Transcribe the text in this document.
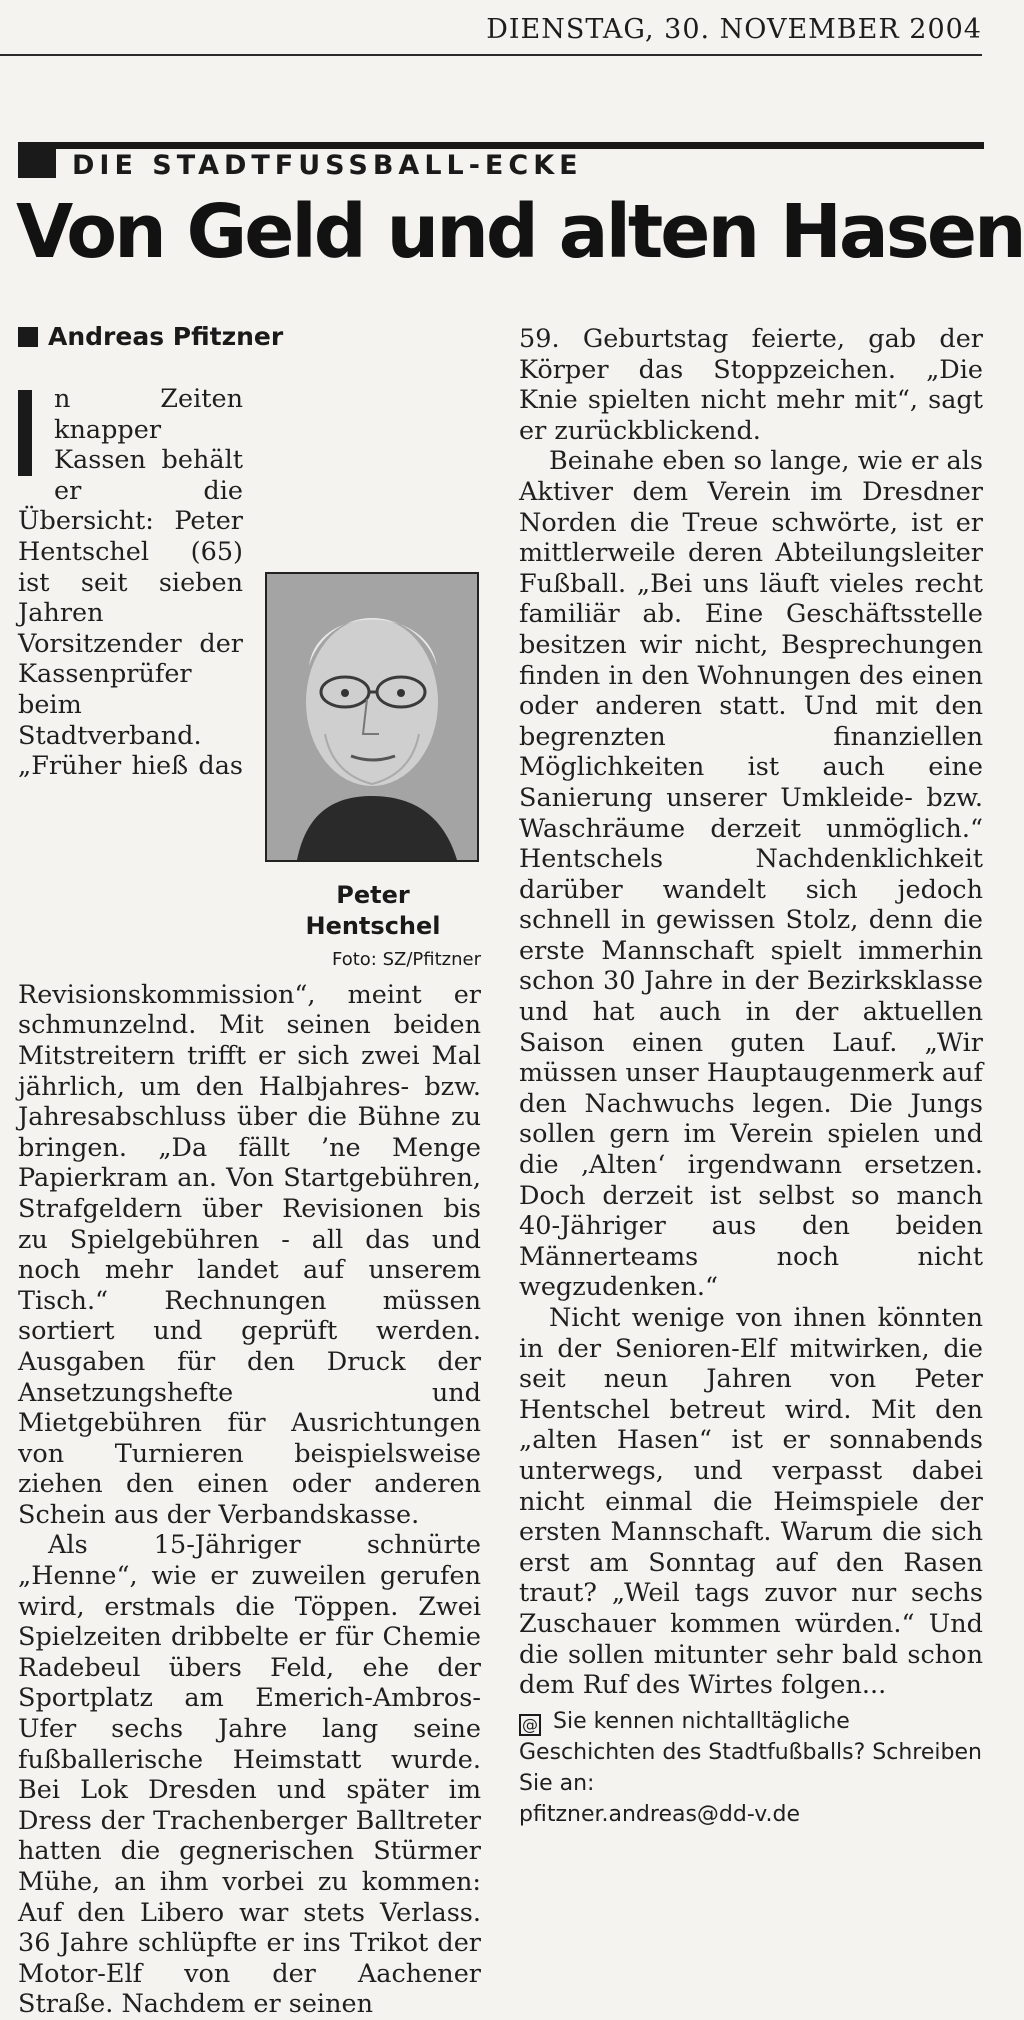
DIENSTAG, 30. NOVEMBER 2004
DIE STADTFUSSBALL-ECKE
Von Geld und alten Hasen
Andreas Pfitzner
Peter Hentschel
Foto: SZ/Pfitzner

n Zeiten knapper Kassen behält er die Übersicht: Peter Hentschel (65) ist seit sieben Jahren Vorsitzender der Kassenprüfer beim Stadtverband. „Früher hieß das Revisionskommission“, meint er schmunzelnd. Mit seinen beiden Mitstreitern trifft er sich zwei Mal jährlich, um den Halbjahres- bzw. Jahresabschluss über die Bühne zu bringen. „Da fällt ’ne Menge Papierkram an. Von Startgebühren, Strafgeldern über Revisionen bis zu Spielgebühren - all das und noch mehr landet auf unserem Tisch.“ Rechnungen müssen sortiert und geprüft werden. Ausgaben für den Druck der Ansetzungshefte und Mietgebühren für Ausrichtungen von Turnieren beispielsweise ziehen den einen oder anderen Schein aus der Verbandskasse.

Als 15-Jähriger schnürte „Henne“, wie er zuweilen gerufen wird, erstmals die Töppen. Zwei Spielzeiten dribbelte er für Chemie Radebeul übers Feld, ehe der Sportplatz am Emerich-Ambros-Ufer sechs Jahre lang seine fußballerische Heimstatt wurde. Bei Lok Dresden und später im Dress der Trachenberger Balltreter hatten die gegnerischen Stürmer Mühe, an ihm vorbei zu kommen: Auf den Libero war stets Verlass. 36 Jahre schlüpfte er ins Trikot der Motor-Elf von der Aachener Straße. Nachdem er seinen

59. Geburtstag feierte, gab der Körper das Stoppzeichen. „Die Knie spielten nicht mehr mit“, sagt er zurückblickend.

Beinahe eben so lange, wie er als Aktiver dem Verein im Dresdner Norden die Treue schwörte, ist er mittlerweile deren Abteilungsleiter Fußball. „Bei uns läuft vieles recht familiär ab. Eine Geschäftsstelle besitzen wir nicht, Besprechungen finden in den Wohnungen des einen oder anderen statt. Und mit den begrenzten finanziellen Möglichkeiten ist auch eine Sanierung unserer Umkleide- bzw. Waschräume derzeit unmöglich.“ Hentschels Nachdenklichkeit darüber wandelt sich jedoch schnell in gewissen Stolz, denn die erste Mannschaft spielt immerhin schon 30 Jahre in der Bezirksklasse und hat auch in der aktuellen Saison einen guten Lauf. „Wir müssen unser Hauptaugenmerk auf den Nachwuchs legen. Die Jungs sollen gern im Verein spielen und die ‚Alten‘ irgendwann ersetzen. Doch derzeit ist selbst so manch 40-Jähriger aus den beiden Männerteams noch nicht wegzudenken.“

Nicht wenige von ihnen könnten in der Senioren-Elf mitwirken, die seit neun Jahren von Peter Hentschel betreut wird. Mit den „alten Hasen“ ist er sonnabends unterwegs, und verpasst dabei nicht einmal die Heimspiele der ersten Mannschaft. Warum die sich erst am Sonntag auf den Rasen traut? „Weil tags zuvor nur sechs Zuschauer kommen würden.“ Und die sollen mitunter sehr bald schon dem Ruf des Wirtes folgen...

@ Sie kennen nichtalltägliche Geschichten des Stadtfußballs? Schreiben Sie an:
pfitzner.andreas@dd-v.de
